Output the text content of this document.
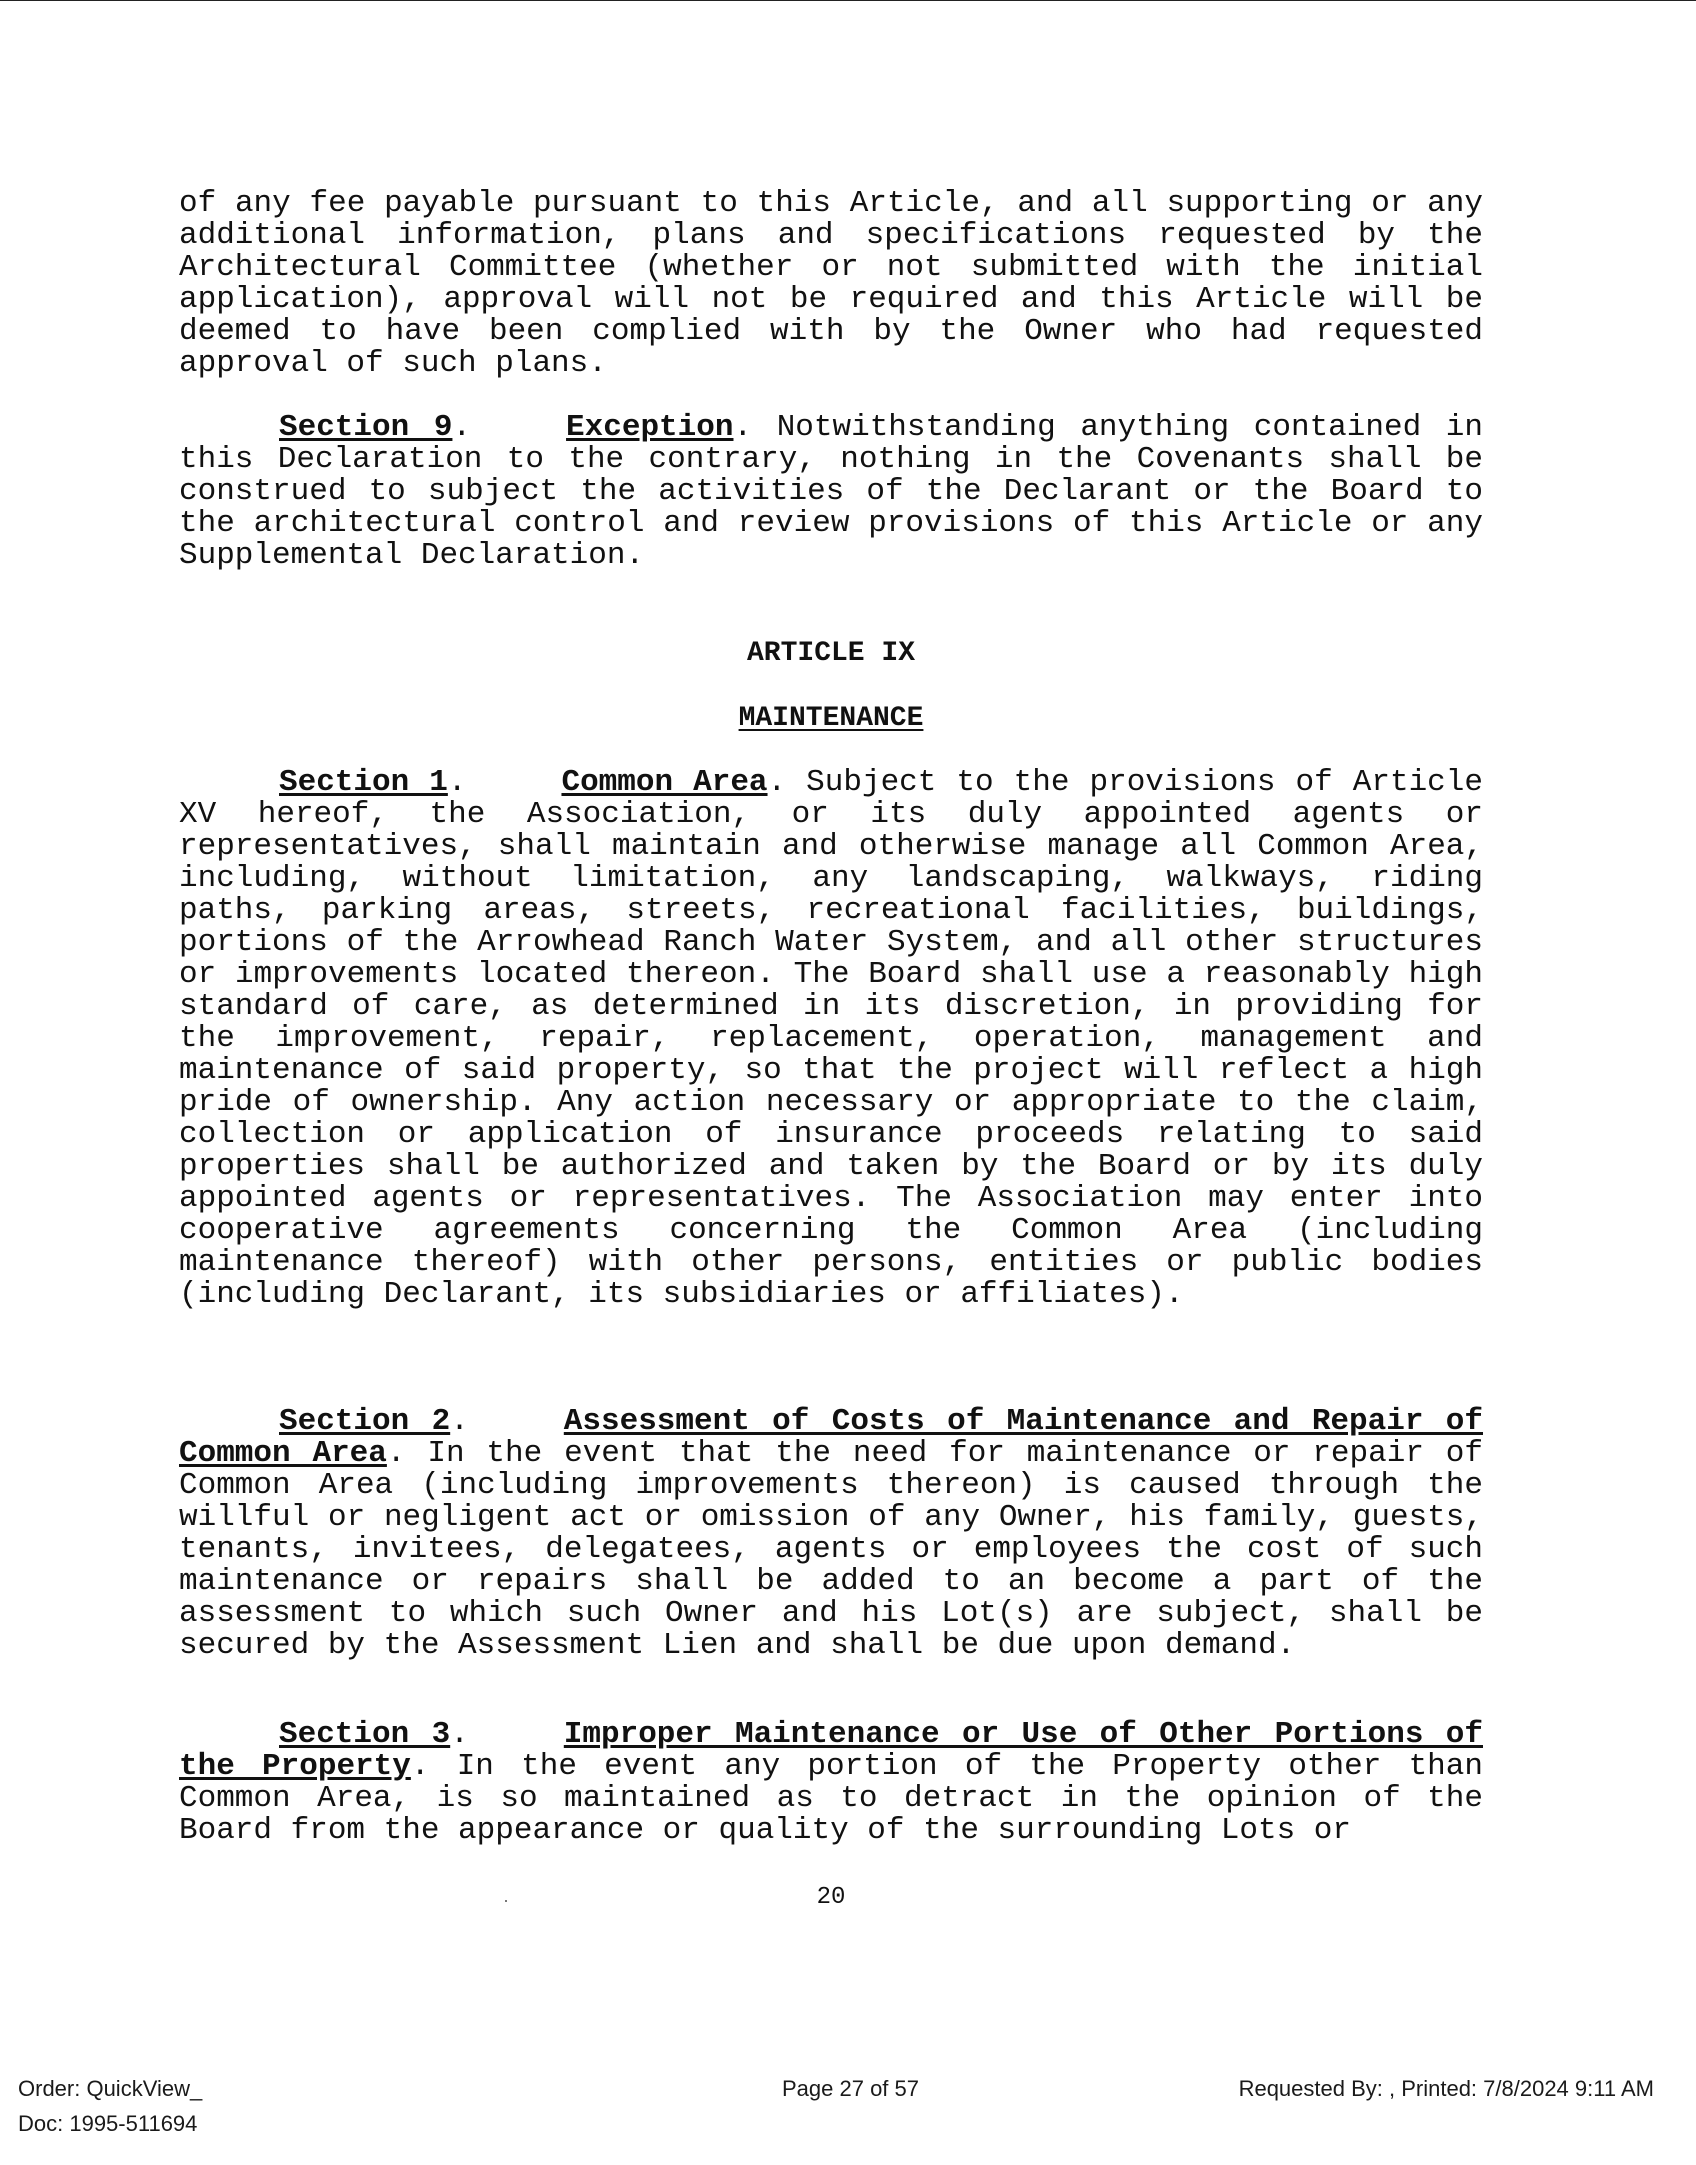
of any fee payable pursuant to this Article, and all supporting or any additional information, plans and specifications requested by the Architectural Committee (whether or not submitted with the initial application), approval will not be required and this Article will be deemed to have been complied with by the Owner who had requested approval of such plans.

Section 9.	Exception. Notwithstanding anything contained in this Declaration to the contrary, nothing in the Covenants shall be construed to subject the activities of the Declarant or the Board to the architectural control and review provisions of this Article or any Supplemental Declaration.

ARTICLE IX

MAINTENANCE

Section 1.	Common Area. Subject to the provisions of Article XV hereof, the Association, or its duly appointed agents or representatives, shall maintain and otherwise manage all Common Area, including, without limitation, any landscaping, walkways, riding paths, parking areas, streets, recreational facilities, buildings, portions of the Arrowhead Ranch Water System, and all other structures or improvements located thereon. The Board shall use a reasonably high standard of care, as determined in its discretion, in providing for the improvement, repair, replacement, operation, management and maintenance of said property, so that the project will reflect a high pride of ownership. Any action necessary or appropriate to the claim, collection or application of insurance proceeds relating to said properties shall be authorized and taken by the Board or by its duly appointed agents or representatives. The Association may enter into cooperative agreements concerning the Common Area (including maintenance thereof) with other persons, entities or public bodies (including Declarant, its subsidiaries or affiliates).

Section 2.	Assessment of Costs of Maintenance and Repair of Common Area. In the event that the need for maintenance or repair of Common Area (including improvements thereon) is caused through the willful or negligent act or omission of any Owner, his family, guests, tenants, invitees, delegatees, agents or employees the cost of such maintenance or repairs shall be added to an become a part of the assessment to which such Owner and his Lot(s) are subject, shall be secured by the Assessment Lien and shall be due upon demand.

Section 3.	Improper Maintenance or Use of Other Portions of the Property. In the event any portion of the Property other than Common Area, is so maintained as to detract in the opinion of the Board from the appearance or quality of the surrounding Lots or

20
Order: QuickView_
Doc: 1995-511694
Page 27 of 57	Requested By: , Printed: 7/8/2024 9:11 AM
